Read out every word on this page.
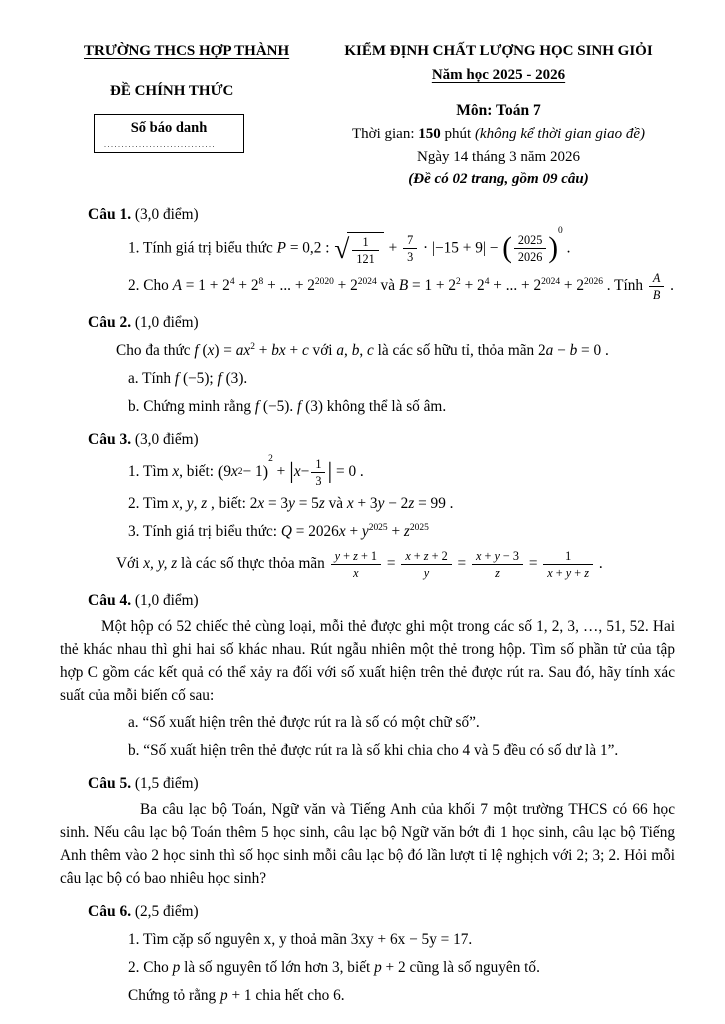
TRƯỜNG THCS HỢP THÀNH
ĐỀ CHÍNH THỨC
Số báo danh
................................
KIỂM ĐỊNH CHẤT LƯỢNG HỌC SINH GIỎI
Năm học 2025 - 2026
Môn: Toán 7
Thời gian: 150 phút (không kể thời gian giao đề)
Ngày 14 tháng 3 năm 2026
(Đề có 02 trang, gồm 09 câu)

Câu 1. (3,0 điểm)

1. Tính giá trị biểu thức P = 0,2 : √ $\frac{1}{121} + \frac{7}{3} \cdot |-15 + 9|$ − ( $\frac{2025}{2026}$ )
0
.

2. Cho $A = 1 + 2^4 + 2^8$ + ... + $2^{2020} + 2^{2024}$ và $B = 1 + 2^2 + 2^4$ + ... + $2^{2024} + 2^{2026}$ . Tính $\frac{A}{B}$ .

Câu 2. (1,0 điểm)

Cho đa thức f $(x) = ax^2$ + bx + c với a, b, c là các số hữu tỉ, thỏa mãn 2a − b = 0 .

a. Tính f (−5); f (3).

b. Chứng minh rằng f (−5). f (3) không thể là số âm.

Câu 3. (3,0 điểm)

1. Tìm x, biết: ( 9 x 2 − 1 )
2
+ | $x - \frac{1}{3}$ | = 0 .

2. Tìm x, y, z , biết: 2x = 3y = 5z và x + 3y − 2z = 99 .

3. Tính giá trị biểu thức: $Q = 2026x + y^{2025} + z^{2025}$

Với x, y, z là các số thực thỏa mãn $\frac{y + z + 1}{x} = \frac{x + z + 2}{y} = \frac{x + y - 3}{z} = \frac{1}{x + y + z}$ .

Câu 4. (1,0 điểm)

Một hộp có 52 chiếc thẻ cùng loại, mỗi thẻ được ghi một trong các số 1, 2, 3, …, 51, 52. Hai thẻ khác nhau thì ghi hai số khác nhau. Rút ngẫu nhiên một thẻ trong hộp. Tìm số phần tử của tập hợp C gồm các kết quả có thể xảy ra đối với số xuất hiện trên thẻ được rút ra. Sau đó, hãy tính xác suất của mỗi biến cố sau:

a. “Số xuất hiện trên thẻ được rút ra là số có một chữ số”.

b. “Số xuất hiện trên thẻ được rút ra là số khi chia cho 4 và 5 đều có số dư là 1”.

Câu 5. (1,5 điểm)

Ba câu lạc bộ Toán, Ngữ văn và Tiếng Anh của khối 7 một trường THCS có 66 học sinh. Nếu câu lạc bộ Toán thêm 5 học sinh, câu lạc bộ Ngữ văn bớt đi 1 học sinh, câu lạc bộ Tiếng Anh thêm vào 2 học sinh thì số học sinh mỗi câu lạc bộ đó lần lượt tỉ lệ nghịch với 2; 3; 2. Hỏi mỗi câu lạc bộ có bao nhiêu học sinh?

Câu 6. (2,5 điểm)

1. Tìm cặp số nguyên x, y thoả mãn 3xy + 6x − 5y = 17.

2. Cho p là số nguyên tố lớn hơn 3, biết p + 2 cũng là số nguyên tố.

Chứng tỏ rằng p + 1 chia hết cho 6.
